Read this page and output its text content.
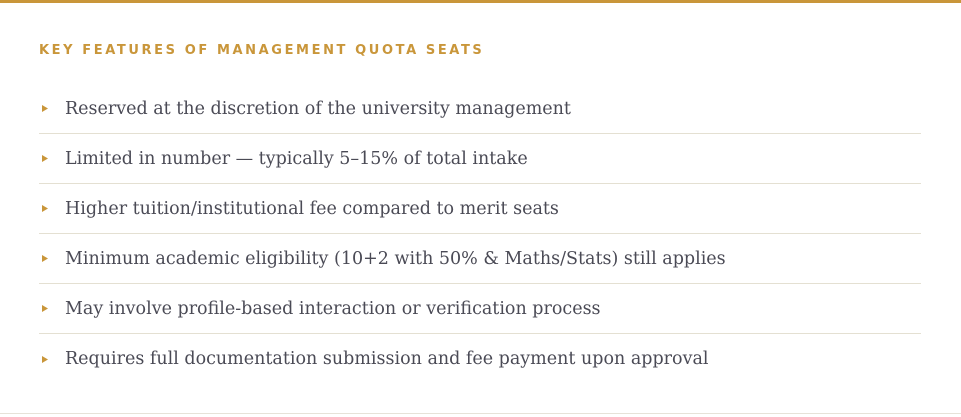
KEY FEATURES OF MANAGEMENT QUOTA SEATS
Reserved at the discretion of the university management
Limited in number — typically 5–15% of total intake
Higher tuition/institutional fee compared to merit seats
Minimum academic eligibility (10+2 with 50% & Maths/Stats) still applies
May involve profile-based interaction or verification process
Requires full documentation submission and fee payment upon approval
